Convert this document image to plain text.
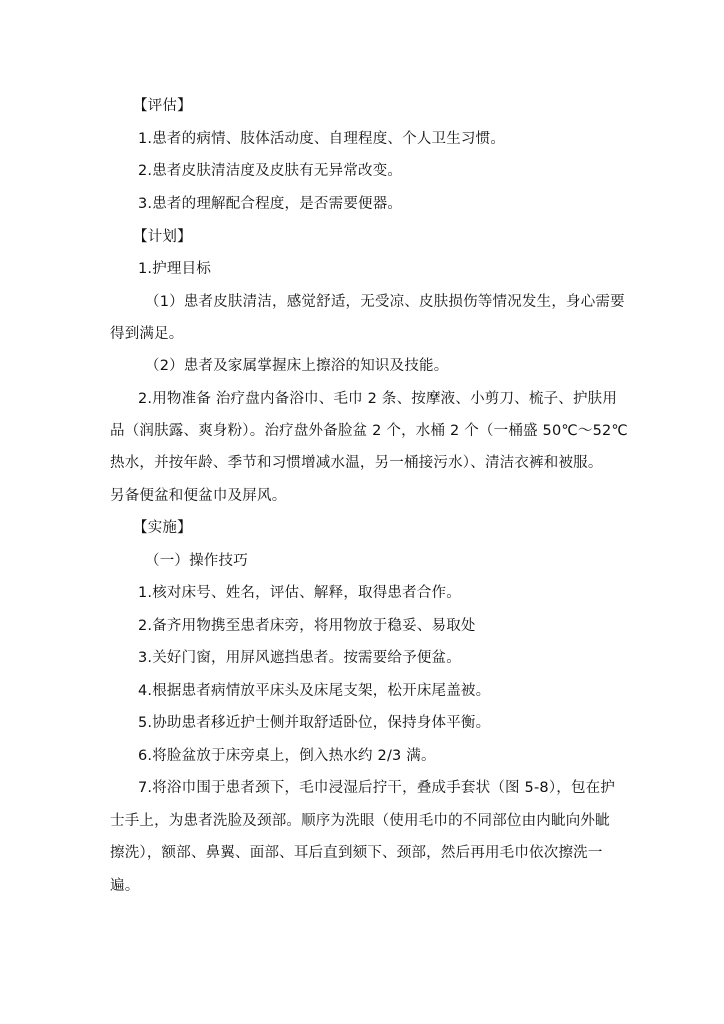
【评估】
1.患者的病情、肢体活动度、自理程度、个人卫生习惯。
2.患者皮肤清洁度及皮肤有无异常改变。
3.患者的理解配合程度，是否需要便器。
【计划】
1.护理目标
（1）患者皮肤清洁，感觉舒适，无受凉、皮肤损伤等情况发生，身心需要
得到满足。
（2）患者及家属掌握床上擦浴的知识及技能。
2.用物准备 治疗盘内备浴巾、毛巾 2 条、按摩液、小剪刀、梳子、护肤用
品（润肤露、爽身粉）。治疗盘外备脸盆 2 个，水桶 2 个（一桶盛 50℃～52℃
热水，并按年龄、季节和习惯增减水温，另一桶接污水）、清洁衣裤和被服。
另备便盆和便盆巾及屏风。
【实施】
（一）操作技巧
1.核对床号、姓名，评估、解释，取得患者合作。
2.备齐用物携至患者床旁，将用物放于稳妥、易取处
3.关好门窗，用屏风遮挡患者。按需要给予便盆。
4.根据患者病情放平床头及床尾支架，松开床尾盖被。
5.协助患者移近护士侧并取舒适卧位，保持身体平衡。
6.将脸盆放于床旁桌上，倒入热水约 2/3 满。
7.将浴巾围于患者颈下，毛巾浸湿后拧干，叠成手套状（图 5-8），包在护
士手上，为患者洗脸及颈部。顺序为洗眼（使用毛巾的不同部位由内眦向外眦
擦洗），额部、鼻翼、面部、耳后直到颏下、颈部，然后再用毛巾依次擦洗一
遍。
